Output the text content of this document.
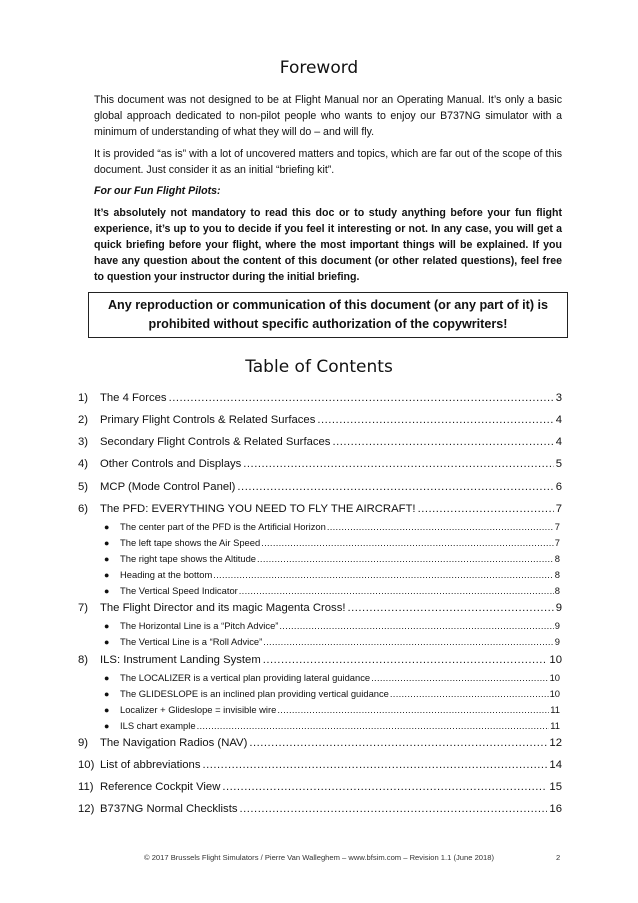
Foreword

This document was not designed to be at Flight Manual nor an Operating Manual. It’s only a basic global approach dedicated to non-pilot people who wants to enjoy our B737NG simulator with a minimum of understanding of what they will do – and will fly.

It is provided “as is” with a lot of uncovered matters and topics, which are far out of the scope of this document. Just consider it as an initial “briefing kit”.

For our Fun Flight Pilots:

It’s absolutely not mandatory to read this doc or to study anything before your fun flight experience, it’s up to you to decide if you feel it interesting or not. In any case, you will get a quick briefing before your flight, where the most important things will be explained. If you have any question about the content of this document (or other related questions), feel free to question your instructor during the initial briefing.

Any reproduction or communication of this document (or any part of it) is prohibited without specific authorization of the copywriters!
Table of Contents
1)	The 4 Forces .....	3
2)	Primary Flight Controls & Related Surfaces .....	4
3)	Secondary Flight Controls & Related Surfaces .....	4
4)	Other Controls and Displays .....	5
5)	MCP (Mode Control Panel) .....	6
6)	The PFD: EVERYTHING YOU NEED TO FLY THE AIRCRAFT! .....	7
●	The center part of the PFD is the Artificial Horizon .....	7
●	The left tape shows the Air Speed .....	7
●	The right tape shows the Altitude .....	8
●	Heading at the bottom .....	8
●	The Vertical Speed Indicator .....	8
7)	The Flight Director and its magic Magenta Cross! .....	9
●	The Horizontal Line is a “Pitch Advice” .....	9
●	The Vertical Line is a “Roll Advice” .....	9
8)	ILS: Instrument Landing System .....	10
●	The LOCALIZER is a vertical plan providing lateral guidance .....	10
●	The GLIDESLOPE is an inclined plan providing vertical guidance .....	10
●	Localizer + Glideslope = invisible wire .....	11
●	ILS chart example .....	11
9)	The Navigation Radios (NAV) .....	12
10) List of abbreviations .....	14
11) Reference Cockpit View .....	15
12) B737NG Normal Checklists .....	16
© 2017 Brussels Flight Simulators / Pierre Van Walleghem – www.bfsim.com – Revision 1.1 (June 2018)	2
